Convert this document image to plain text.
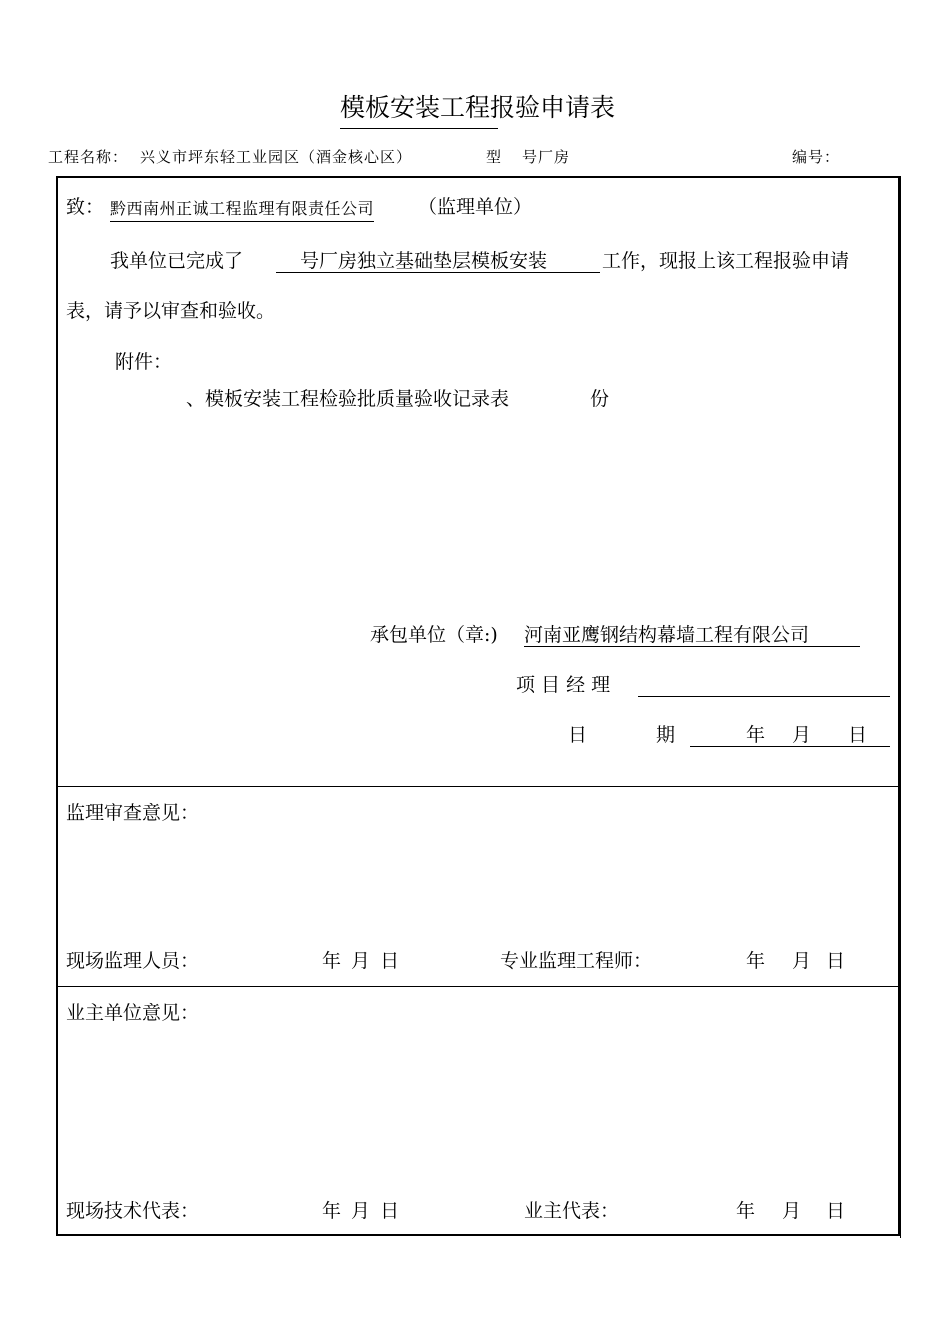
模板安装工程报验申请表
工程名称： 兴义市坪东轻工业园区（酒金核心区）	型 号厂房	编号：
致： 黔西南州正诚工程监理有限责任公司 （监理单位）
我单位已完成了	号厂房独立基础垫层模板安装	工作，现报上该工程报验申请
表，请予以审查和验收。
附件：
、模板安装工程检验批质量验收记录表	份
承包单位（章:) 河南亚鹰钢结构幕墙工程有限公司
项 目 经 理
日	期	年 月 日
监理审查意见：
现场监理人员：	年 月 日	专业监理工程师：	年 月 日
业主单位意见：
现场技术代表：	年 月 日	业主代表：	年 月 日
